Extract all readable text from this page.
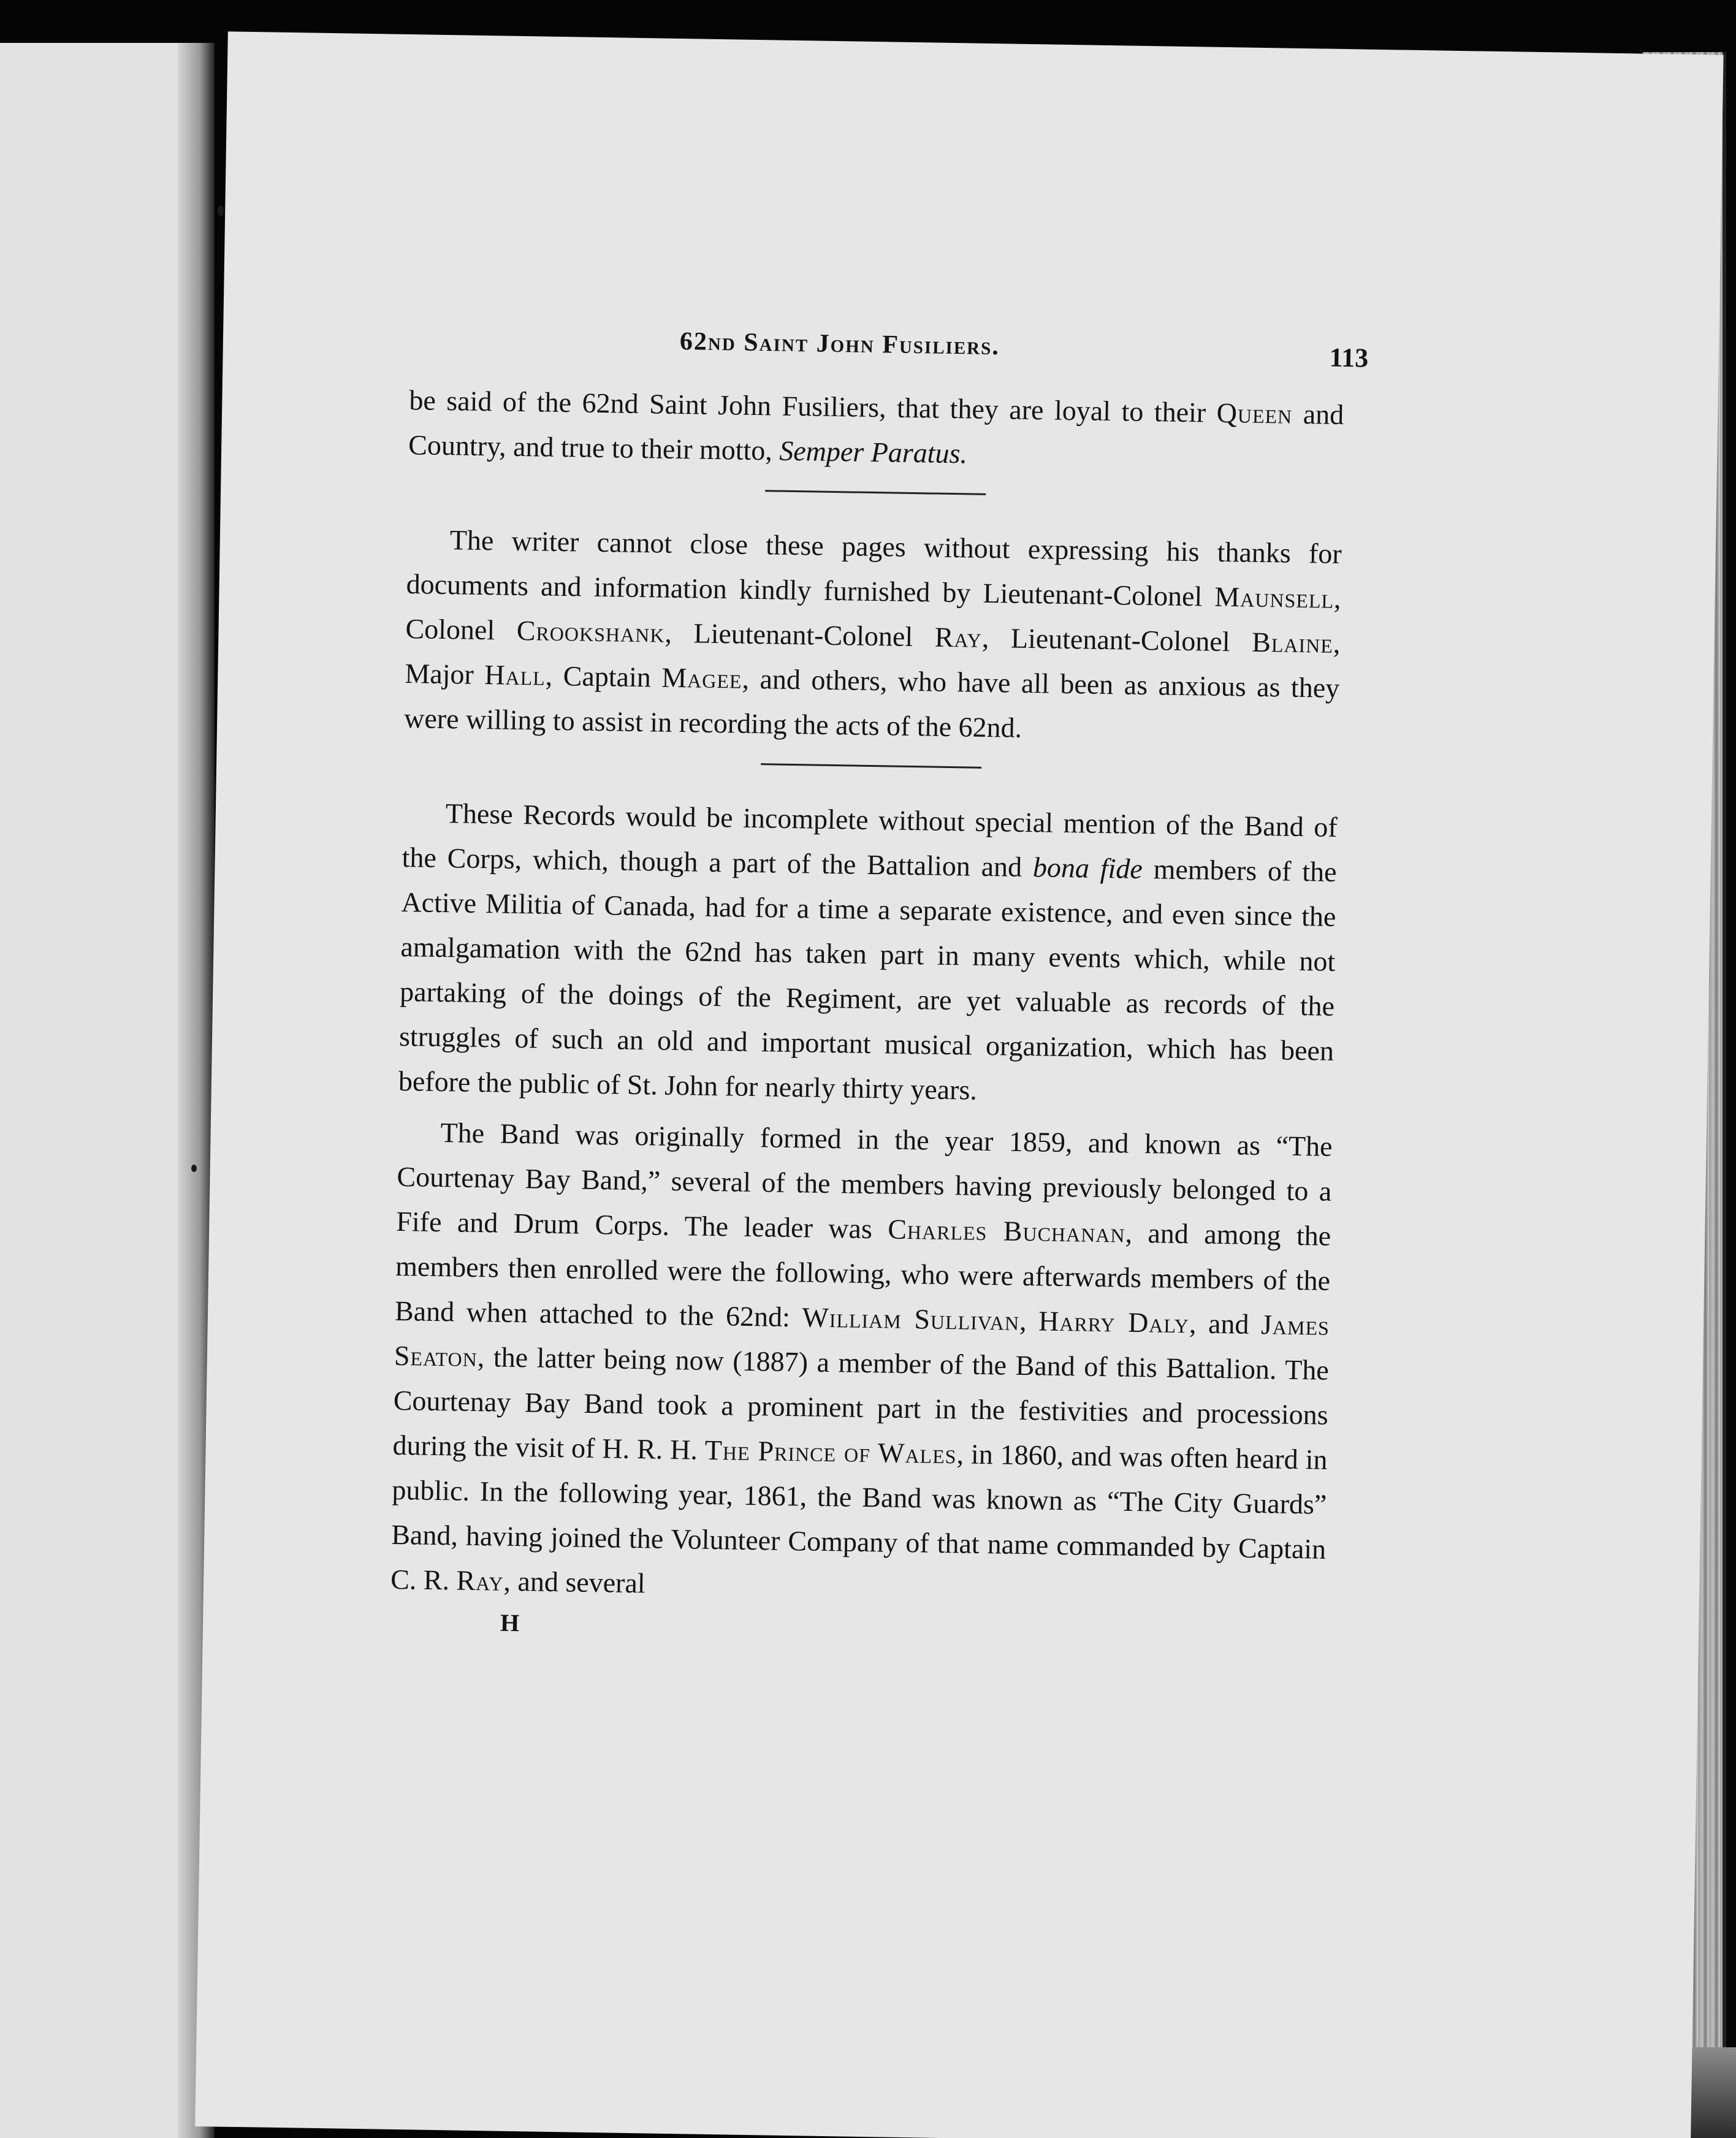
62nd Saint John Fusiliers.	113

be said of the 62nd Saint John Fusiliers, that they are loyal to their Queen and Country, and true to their motto, Semper Paratus.

The writer cannot close these pages without expressing his thanks for documents and information kindly furnished by Lieutenant-Colonel Maunsell, Colonel Crookshank, Lieutenant-Colonel Ray, Lieutenant-Colonel Blaine, Major Hall, Captain Magee, and others, who have all been as anxious as they were willing to assist in recording the acts of the 62nd.

These Records would be incomplete without special mention of the Band of the Corps, which, though a part of the Battalion and bona fide members of the Active Militia of Canada, had for a time a separate existence, and even since the amalgamation with the 62nd has taken part in many events which, while not partaking of the doings of the Regiment, are yet valuable as records of the struggles of such an old and important musical organization, which has been before the public of St. John for nearly thirty years.

The Band was originally formed in the year 1859, and known as “The Courtenay Bay Band,” several of the members having previously belonged to a Fife and Drum Corps. The leader was Charles Buchanan, and among the members then enrolled were the following, who were afterwards members of the Band when attached to the 62nd: William Sullivan, Harry Daly, and James Seaton, the latter being now (1887) a member of the Band of this Battalion. The Courtenay Bay Band took a prominent part in the festivities and processions during the visit of H. R. H. The Prince of Wales, in 1860, and was often heard in public. In the following year, 1861, the Band was known as “The City Guards” Band, having joined the Volunteer Company of that name commanded by Captain C. R. Ray, and several

H
